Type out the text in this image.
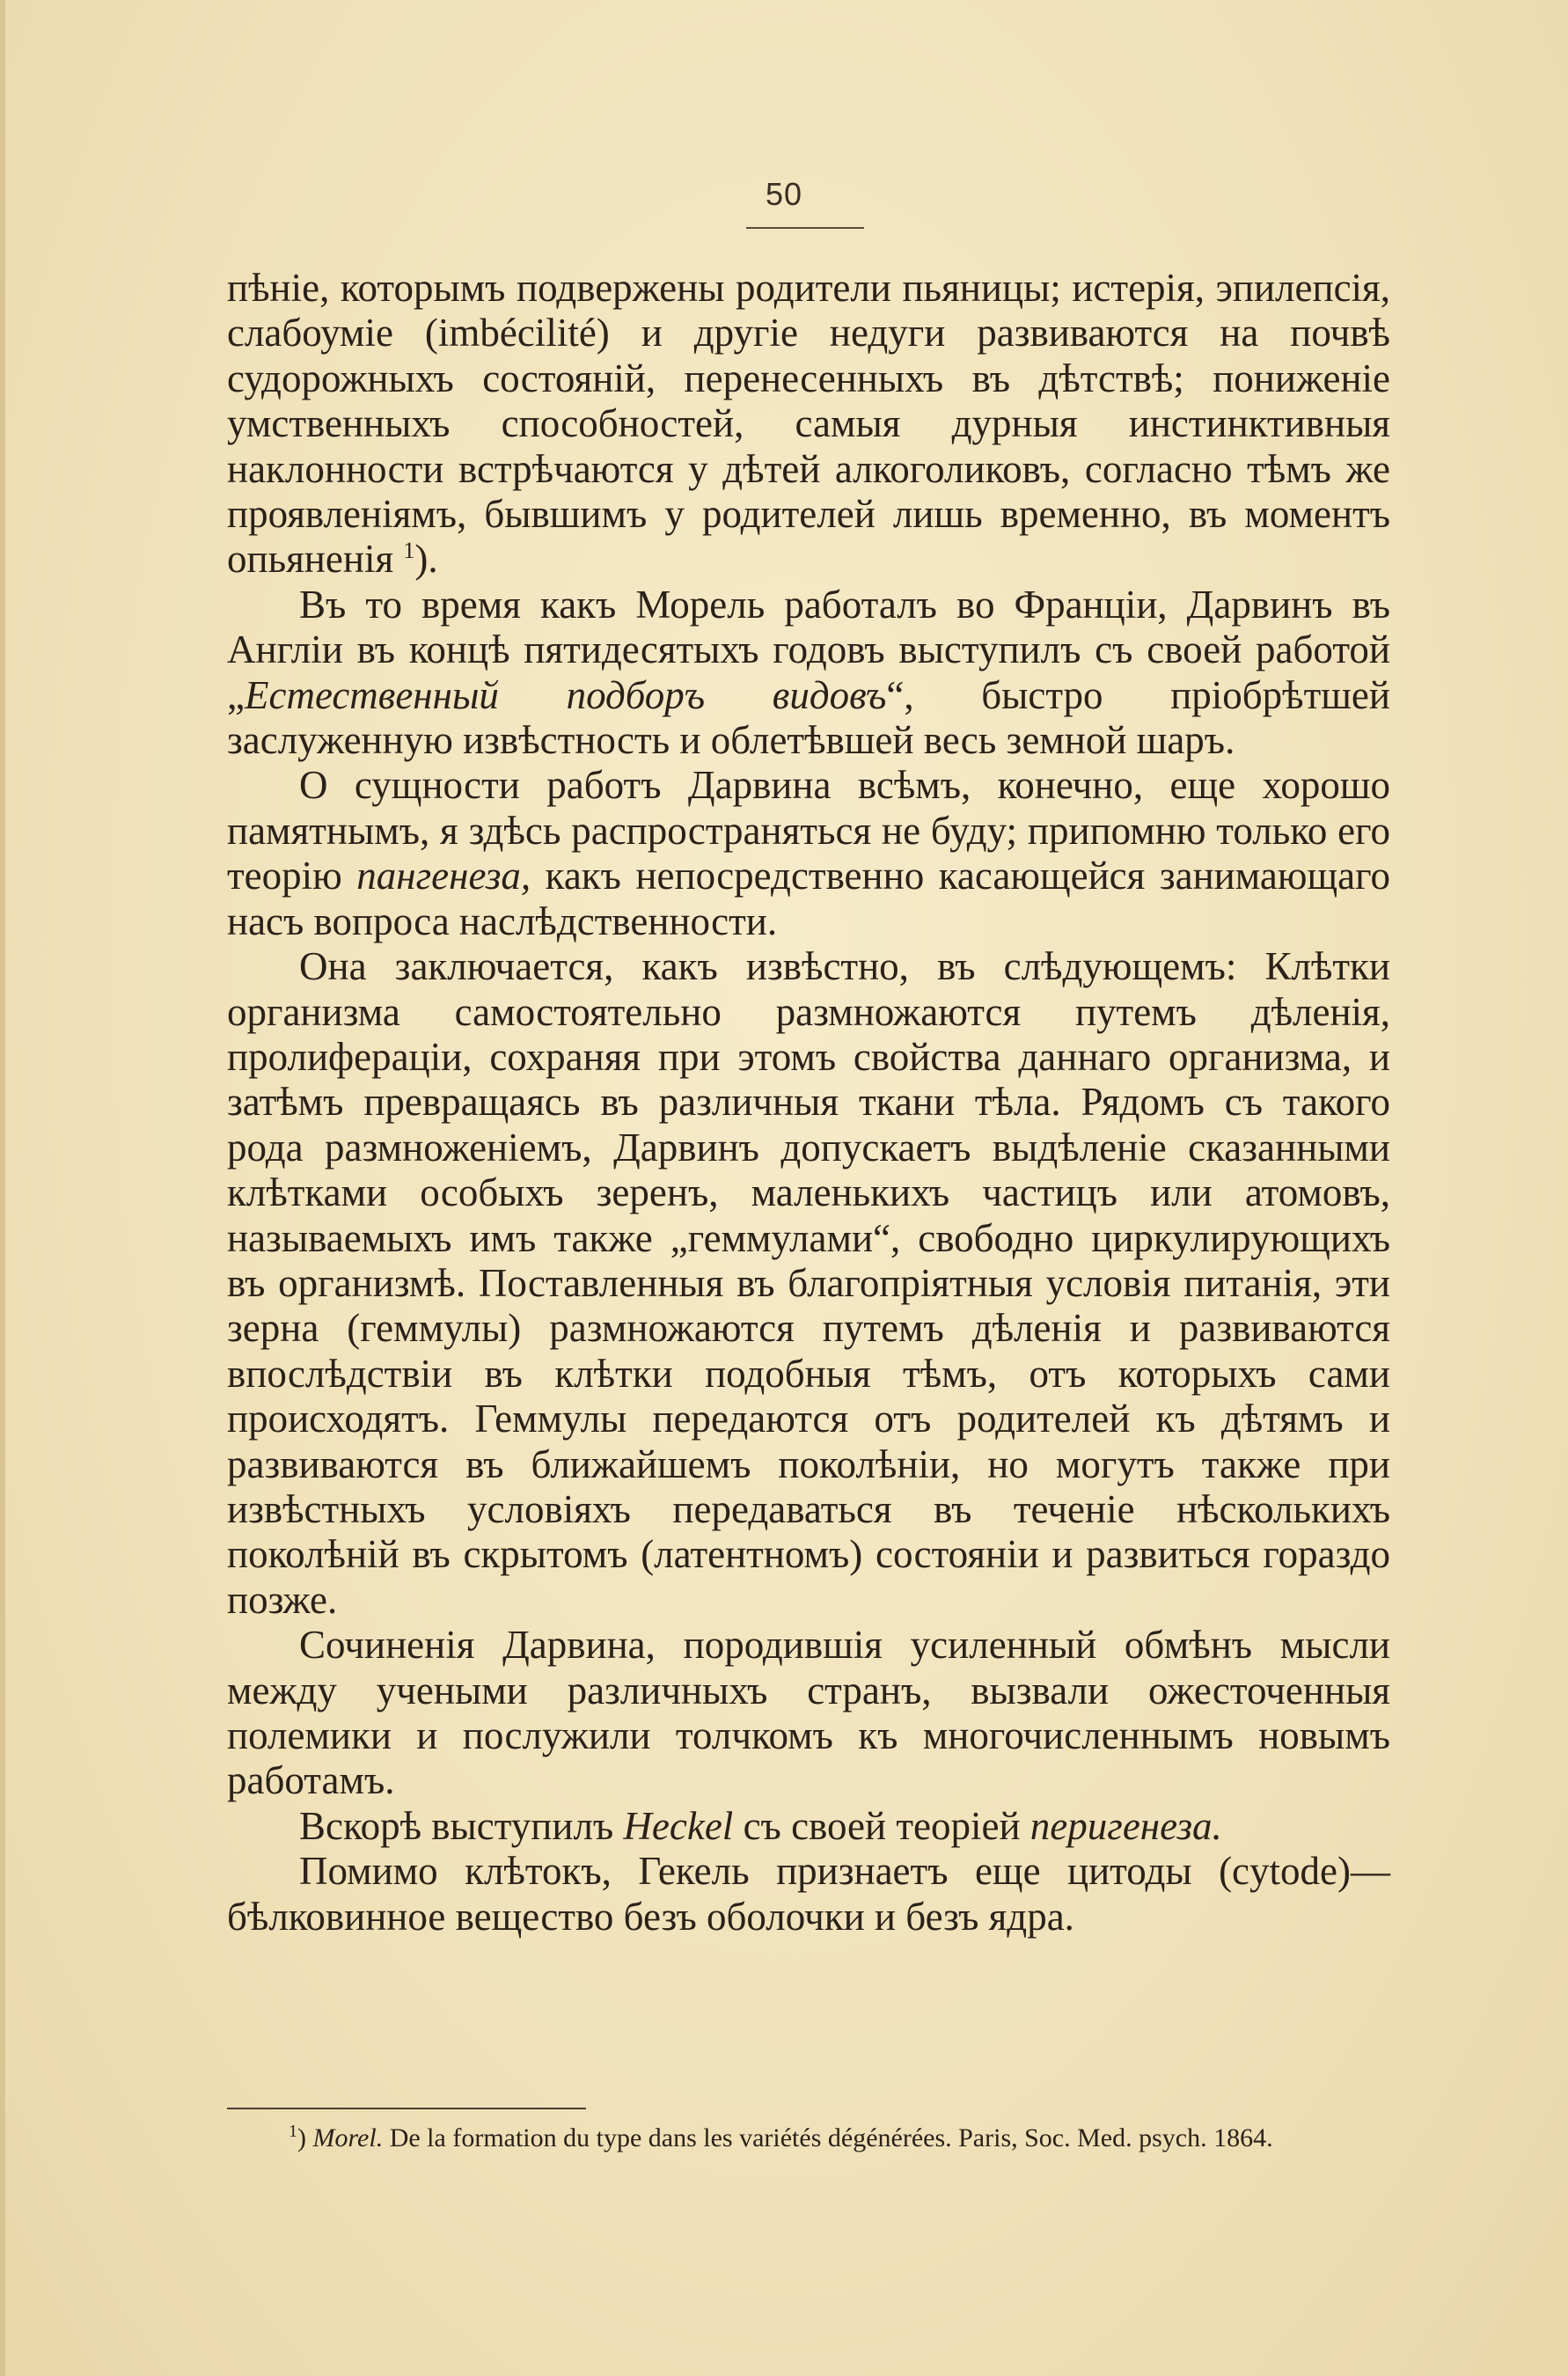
50

пѣніе, которымъ подвержены родители пьяницы; истерія, эпилепсія, слабоуміе (imbécilité) и другіе недуги развиваются на почвѣ судорожныхъ состояній, перенесенныхъ въ дѣтствѣ; пониженіе умственныхъ способностей, самыя дурныя инстинктивныя наклонности встрѣчаются у дѣтей алкоголиковъ, согласно тѣмъ же проявленіямъ, бывшимъ у родителей лишь временно, въ моментъ опьяненія $^1$).

Въ то время какъ Морель работалъ во Франціи, Дарвинъ въ Англіи въ концѣ пятидесятыхъ годовъ выступилъ съ своей работой „Естественный подборъ видовъ“, быстро пріобрѣтшей заслуженную извѣстность и облетѣвшей весь земной шаръ.

О сущности работъ Дарвина всѣмъ, конечно, еще хорошо памятнымъ, я здѣсь распространяться не буду; припомню только его теорію пангенеза, какъ непосредственно касающейся занимающаго насъ вопроса наслѣдственности.

Она заключается, какъ извѣстно, въ слѣдующемъ: Клѣтки организма самостоятельно размножаются путемъ дѣленія, пролифераціи, сохраняя при этомъ свойства даннаго организма, и затѣмъ превращаясь въ различныя ткани тѣла. Рядомъ съ такого рода размноженіемъ, Дарвинъ допускаетъ выдѣленіе сказанными клѣтками особыхъ зеренъ, маленькихъ частицъ или атомовъ, называемыхъ имъ также „геммулами“, свободно циркулирующихъ въ организмѣ. Поставленныя въ благопріятныя условія питанія, эти зерна (геммулы) размножаются путемъ дѣленія и развиваются впослѣдствіи въ клѣтки подобныя тѣмъ, отъ которыхъ сами происходятъ. Геммулы передаются отъ родителей къ дѣтямъ и развиваются въ ближайшемъ поколѣніи, но могутъ также при извѣстныхъ условіяхъ передаваться въ теченіе нѣсколькихъ поколѣній въ скрытомъ (латентномъ) состояніи и развиться гораздо позже.

Сочиненія Дарвина, породившія усиленный обмѣнъ мысли между учеными различныхъ странъ, вызвали ожесточенныя полемики и послужили толчкомъ къ многочисленнымъ новымъ работамъ.

Вскорѣ выступилъ Heckel съ своей теоріей перигенеза.

Помимо клѣтокъ, Гекель признаетъ еще цитоды (cytode)—бѣлковинное вещество безъ оболочки и безъ ядра.

$^1$) Morel. De la formation du type dans les variétés dégénérées. Paris, Soc. Med. psych. 1864.
